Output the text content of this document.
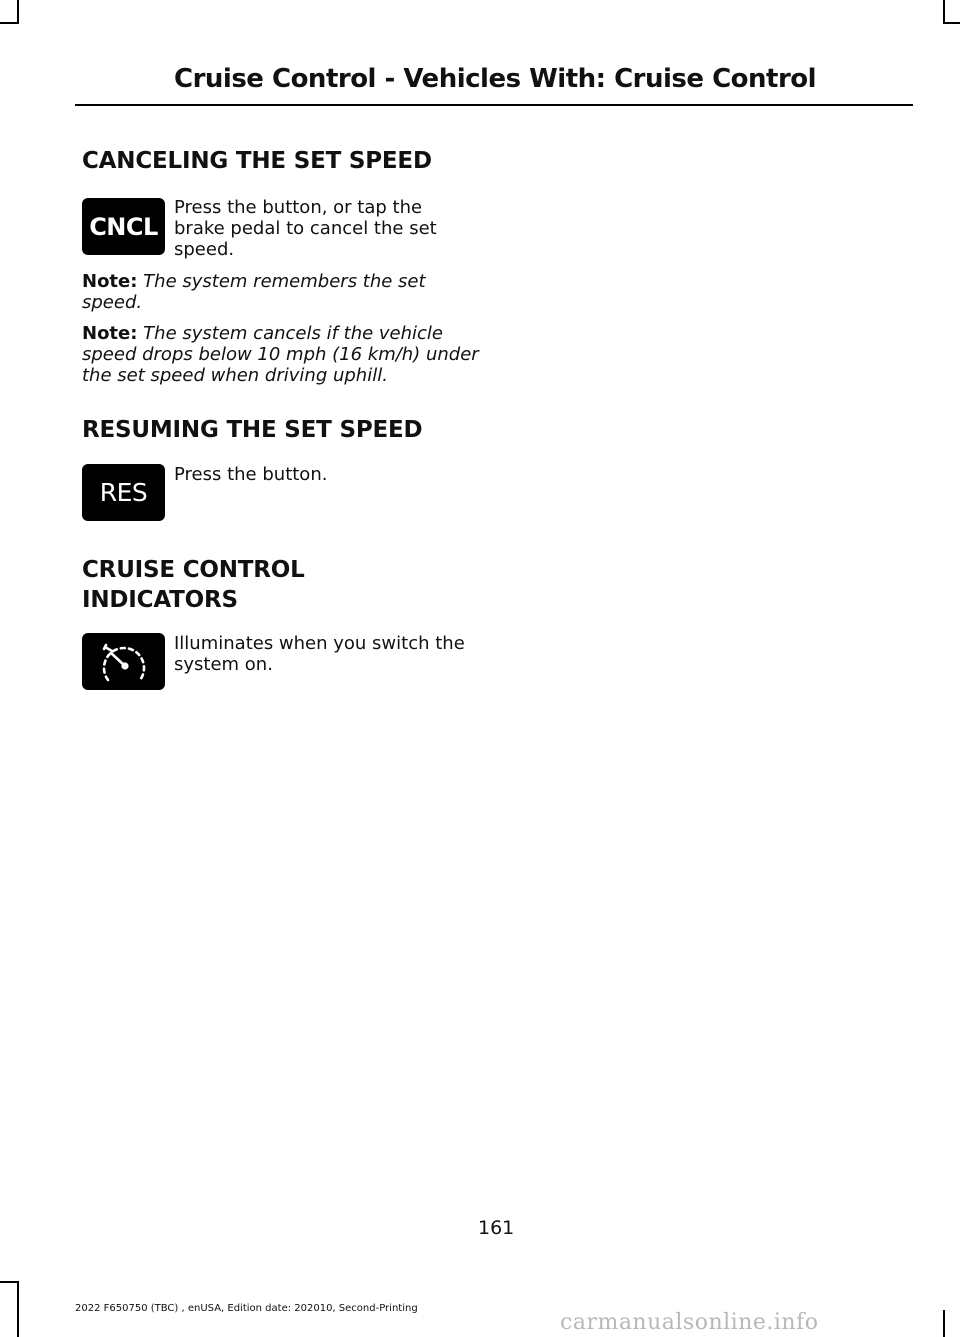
Cruise Control - Vehicles With: Cruise Control
CANCELING THE SET SPEED
CNCL
Press the button, or tap the brake pedal to cancel the set speed.
Note: The system remembers the set speed.
Note: The system cancels if the vehicle speed drops below 10 mph (16 km/h) under the set speed when driving uphill.
RESUMING THE SET SPEED
RES
Press the button.
CRUISE CONTROL
INDICATORS
Illuminates when you switch the system on.
161
2022 F650750 (TBC) , enUSA, Edition date: 202010, Second-Printing
carmanualsonline.info
